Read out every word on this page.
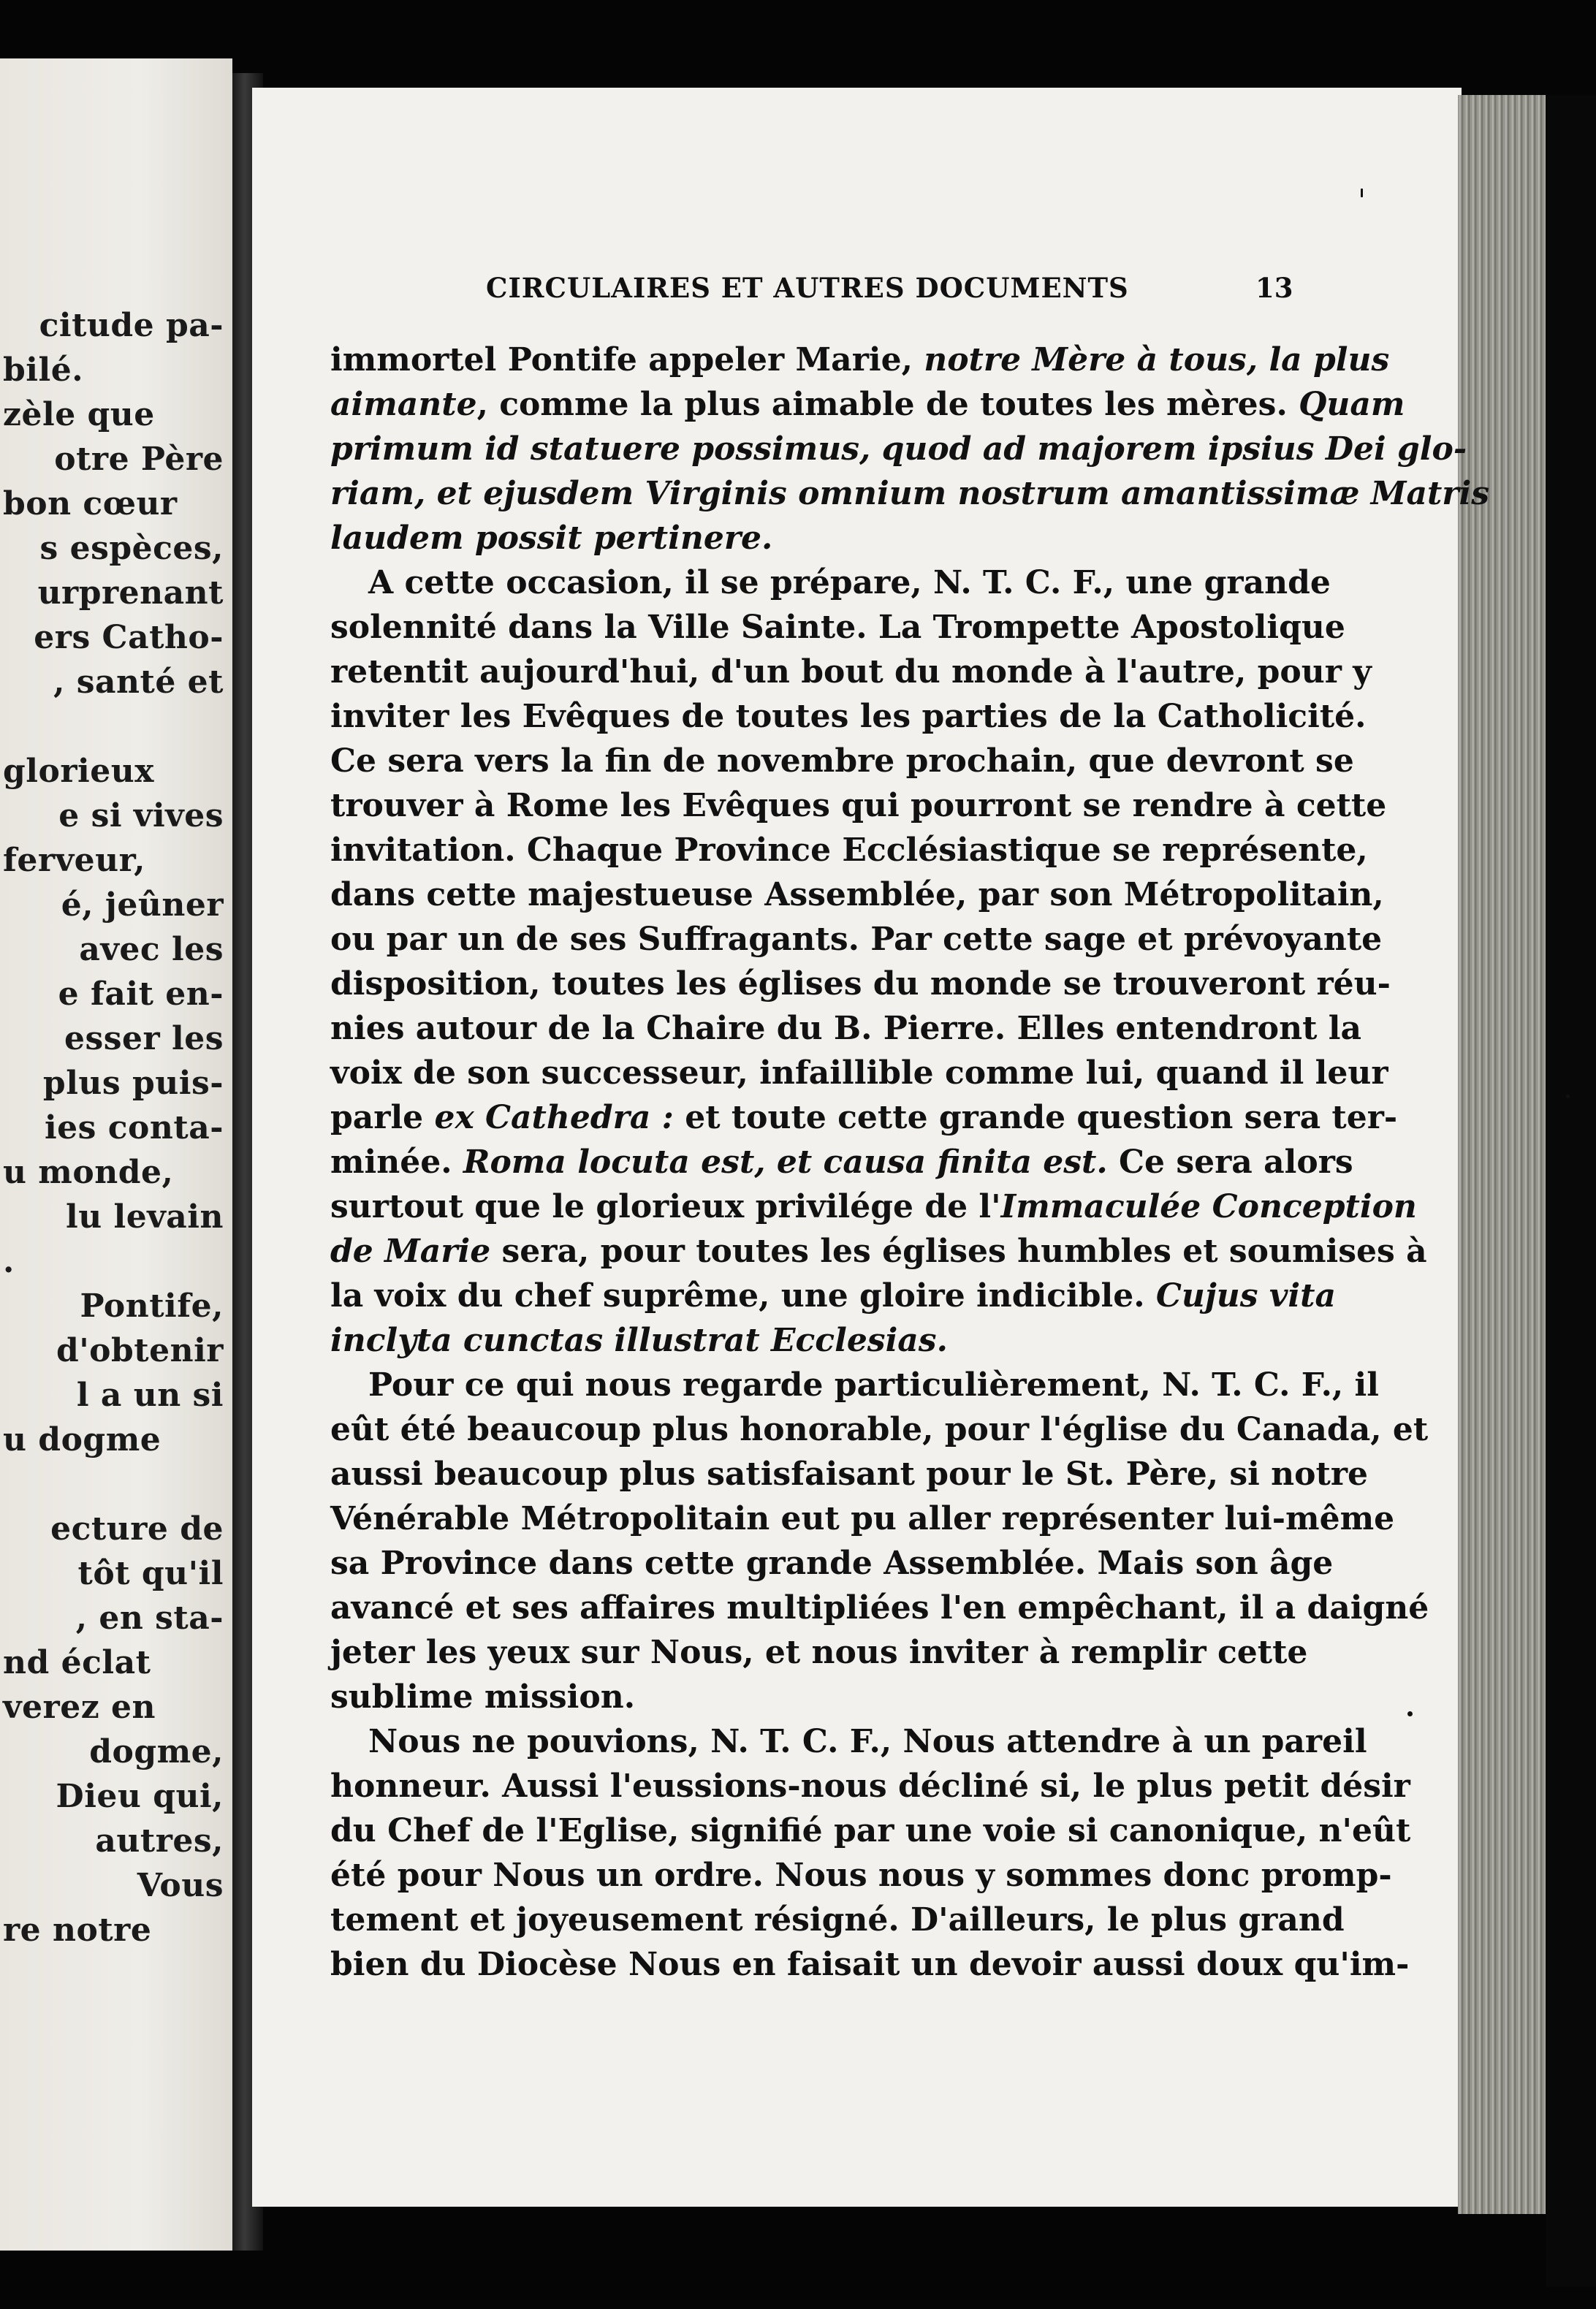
citude pa-
bilé.
zèle que
otre Père
bon cœur
s espèces,
urprenant
ers Catho-
, santé et
glorieux
e si vives
ferveur,
é, jeûner
avec les
e fait en-
esser les
plus puis-
ies conta-
u monde,
lu levain
.
Pontife,
d'obtenir
l a un si
u dogme
ecture de
tôt qu'il
, en sta-
nd éclat
verez en
dogme,
Dieu qui,
autres,
Vous
re notre
CIRCULAIRES ET AUTRES DOCUMENTS	13
immortel Pontife appeler Marie, notre Mère à tous, la plus
aimante, comme la plus aimable de toutes les mères. Quam
primum id statuere possimus, quod ad majorem ipsius Dei glo-
riam, et ejusdem Virginis omnium nostrum amantissimæ Matris
laudem possit pertinere.
A cette occasion, il se prépare, N. T. C. F., une grande
solennité dans la Ville Sainte. La Trompette Apostolique
retentit aujourd'hui, d'un bout du monde à l'autre, pour y
inviter les Evêques de toutes les parties de la Catholicité.
Ce sera vers la fin de novembre prochain, que devront se
trouver à Rome les Evêques qui pourront se rendre à cette
invitation. Chaque Province Ecclésiastique se représente,
dans cette majestueuse Assemblée, par son Métropolitain,
ou par un de ses Suffragants. Par cette sage et prévoyante
disposition, toutes les églises du monde se trouveront réu-
nies autour de la Chaire du B. Pierre. Elles entendront la
voix de son successeur, infaillible comme lui, quand il leur
parle ex Cathedra : et toute cette grande question sera ter-
minée. Roma locuta est, et causa finita est. Ce sera alors
surtout que le glorieux privilége de l'Immaculée Conception
de Marie sera, pour toutes les églises humbles et soumises à
la voix du chef suprême, une gloire indicible. Cujus vita
inclyta cunctas illustrat Ecclesias.
Pour ce qui nous regarde particulièrement, N. T. C. F., il
eût été beaucoup plus honorable, pour l'église du Canada, et
aussi beaucoup plus satisfaisant pour le St. Père, si notre
Vénérable Métropolitain eut pu aller représenter lui-même
sa Province dans cette grande Assemblée. Mais son âge
avancé et ses affaires multipliées l'en empêchant, il a daigné
jeter les yeux sur Nous, et nous inviter à remplir cette
sublime mission.
Nous ne pouvions, N. T. C. F., Nous attendre à un pareil
honneur. Aussi l'eussions-nous décliné si, le plus petit désir
du Chef de l'Eglise, signifié par une voie si canonique, n'eût
été pour Nous un ordre. Nous nous y sommes donc promp-
tement et joyeusement résigné. D'ailleurs, le plus grand
bien du Diocèse Nous en faisait un devoir aussi doux qu'im-
